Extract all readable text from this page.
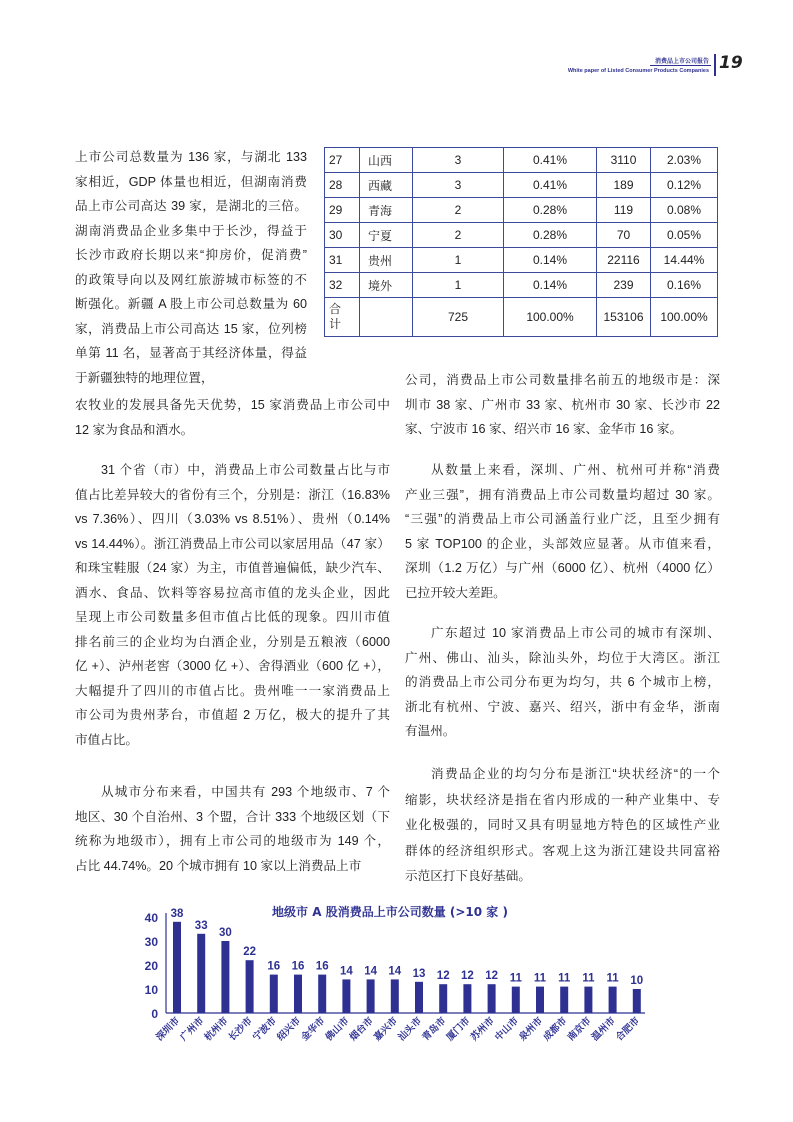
消费品上市公司报告
White paper of Listed Consumer Products Companies 19
上市公司总数量为 136 家，与湖北 133
家相近，GDP 体量也相近，但湖南消费
品上市公司高达 39 家，是湖北的三倍。
湖南消费品企业多集中于长沙，得益于
长沙市政府长期以来“抑房价，促消费”
的政策导向以及网红旅游城市标签的不
断强化。新疆 A 股上市公司总数量为 60
家，消费品上市公司高达 15 家，位列榜
单第 11 名，显著高于其经济体量，得益
于新疆独特的地理位置，
农牧业的发展具备先天优势，15 家消费品上市公司中
12 家为食品和酒水。
31 个省（市）中，消费品上市公司数量占比与市
值占比差异较大的省份有三个，分别是：浙江（16.83%
vs 7.36%）、四川（3.03% vs 8.51%）、贵州（0.14%
vs 14.44%）。浙江消费品上市公司以家居用品（47 家）
和珠宝鞋服（24 家）为主，市值普遍偏低，缺少汽车、
酒水、食品、饮料等容易拉高市值的龙头企业，因此
呈现上市公司数量多但市值占比低的现象。四川市值
排名前三的企业均为白酒企业，分别是五粮液（6000
亿 +）、泸州老窖（3000 亿 +）、舍得酒业（600 亿 +），
大幅提升了四川的市值占比。贵州唯一一家消费品上
市公司为贵州茅台，市值超 2 万亿，极大的提升了其
市值占比。
从城市分布来看，中国共有 293 个地级市、7 个
地区、30 个自治州、3 个盟，合计 333 个地级区划（下
统称为地级市），拥有上市公司的地级市为 149 个，
占比 44.74%。20 个城市拥有 10 家以上消费品上市
公司，消费品上市公司数量排名前五的地级市是：深
圳市 38 家、广州市 33 家、杭州市 30 家、长沙市 22
家、宁波市 16 家、绍兴市 16 家、金华市 16 家。
从数量上来看，深圳、广州、杭州可并称“消费
产业三强”，拥有消费品上市公司数量均超过 30 家。
“三强”的消费品上市公司涵盖行业广泛，且至少拥有
5 家 TOP100 的企业，头部效应显著。从市值来看，
深圳（1.2 万亿）与广州（6000 亿）、杭州（4000 亿）
已拉开较大差距。
广东超过 10 家消费品上市公司的城市有深圳、
广州、佛山、汕头，除汕头外，均位于大湾区。浙江
的消费品上市公司分布更为均匀，共 6 个城市上榜，
浙北有杭州、宁波、嘉兴、绍兴，浙中有金华，浙南
有温州。
消费品企业的均匀分布是浙江“块状经济“的一个
缩影，块状经济是指在省内形成的一种产业集中、专
业化极强的，同时又具有明显地方特色的区域性产业
群体的经济组织形式。客观上这为浙江建设共同富裕
示范区打下良好基础。
27	山西	3	0.41%	3110	2.03%
28	西藏	3	0.41%	189	0.12%
29	青海	2	0.28%	119	0.08%
30	宁夏	2	0.28%	70	0.05%
31	贵州	1	0.14%	22116	14.44%
32	境外	1	0.14%	239	0.16%

合计		725	100.00%	153106	100.00%
地级市 A 股消费品上市公司数量 (>10 家 )
0
10
20
30
40 38
深圳市
33
广州市
30
杭州市
22
长沙市
16
宁波市
16
绍兴市
16
金华市
14
佛山市
14
烟台市
14
嘉兴市
13
汕头市
12
青岛市
12
厦门市
12
苏州市
11
中山市
11
泉州市
11
成都市
11
南京市
11
温州市
10
合肥市
